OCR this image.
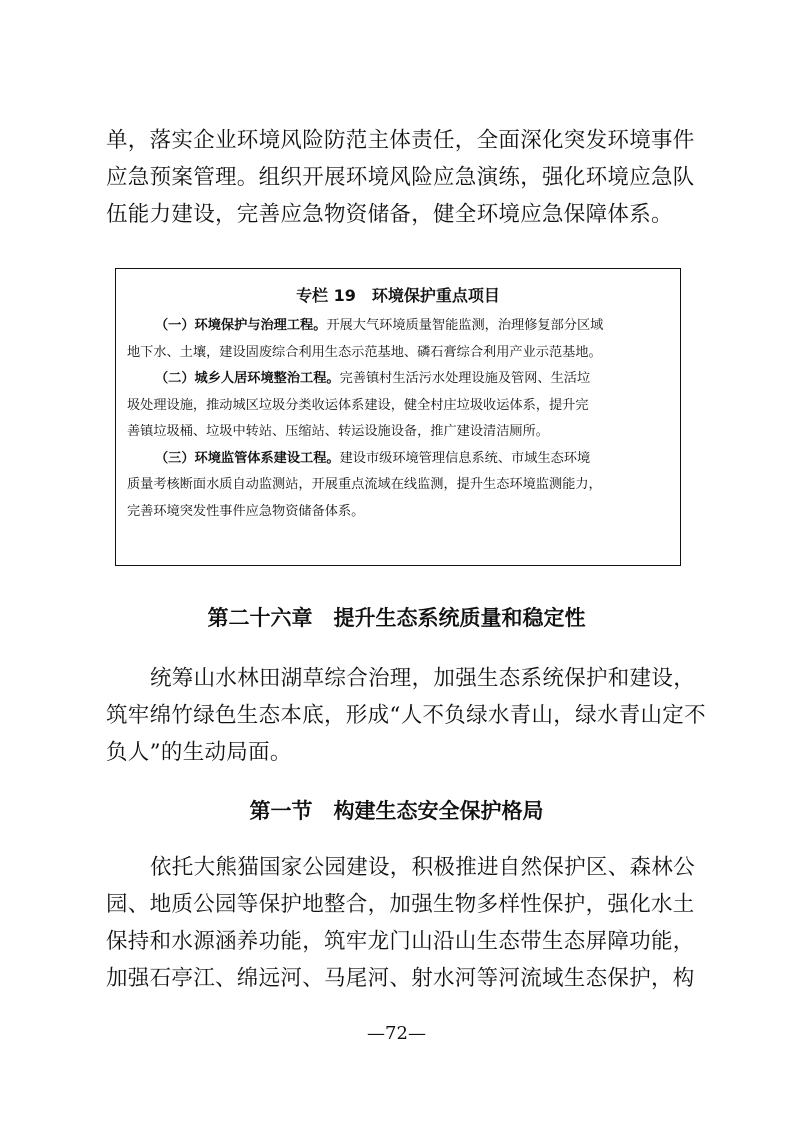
单，落实企业环境风险防范主体责任，全面深化突发环境事件
应急预案管理。组织开展环境风险应急演练，强化环境应急队
伍能力建设，完善应急物资储备，健全环境应急保障体系。
专栏 19　环境保护重点项目
（一）环境保护与治理工程。开展大气环境质量智能监测，治理修复部分区域
地下水、土壤，建设固废综合利用生态示范基地、磷石膏综合利用产业示范基地。
（二）城乡人居环境整治工程。完善镇村生活污水处理设施及管网、生活垃
圾处理设施，推动城区垃圾分类收运体系建设，健全村庄垃圾收运体系，提升完
善镇垃圾桶、垃圾中转站、压缩站、转运设施设备，推广建设清洁厕所。
（三）环境监管体系建设工程。建设市级环境管理信息系统、市域生态环境
质量考核断面水质自动监测站，开展重点流域在线监测，提升生态环境监测能力，
完善环境突发性事件应急物资储备体系。
第二十六章　提升生态系统质量和稳定性
统筹山水林田湖草综合治理，加强生态系统保护和建设，
筑牢绵竹绿色生态本底，形成“人不负绿水青山，绿水青山定不
负人”的生动局面。
第一节　构建生态安全保护格局
依托大熊猫国家公园建设，积极推进自然保护区、森林公
园、地质公园等保护地整合，加强生物多样性保护，强化水土
保持和水源涵养功能，筑牢龙门山沿山生态带生态屏障功能，
加强石亭江、绵远河、马尾河、射水河等河流域生态保护，构
—72—
